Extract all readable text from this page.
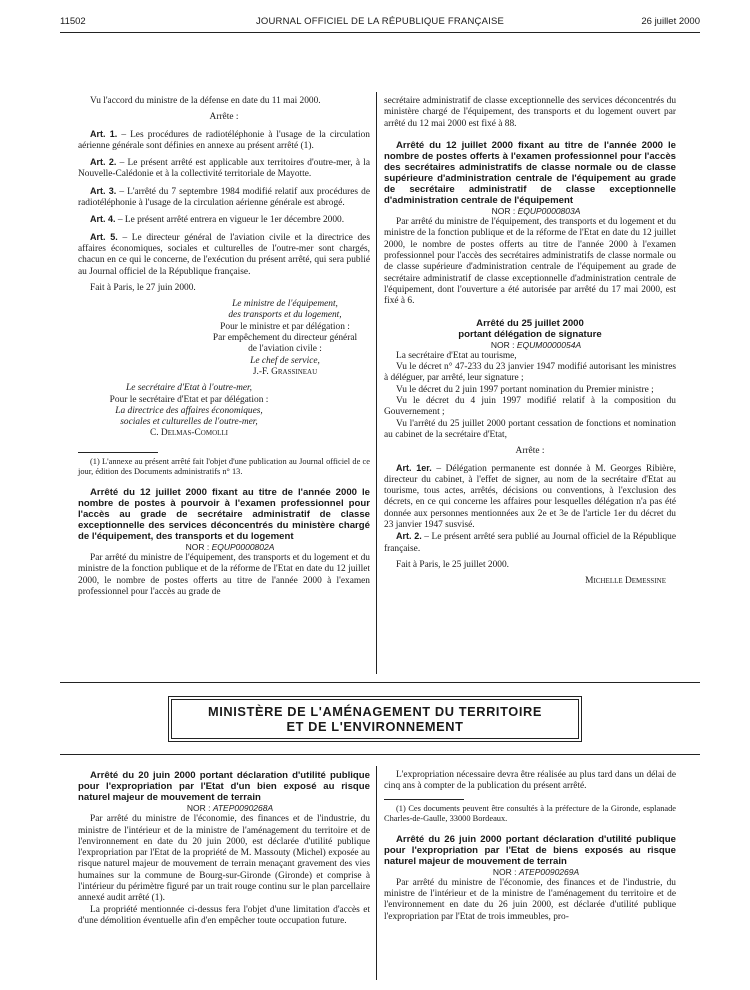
11502	JOURNAL OFFICIEL DE LA RÉPUBLIQUE FRANÇAISE	26 juillet 2000

Vu l'accord du ministre de la défense en date du 11 mai 2000.

Arrête :

Art. 1. – Les procédures de radiotéléphonie à l'usage de la circulation aérienne générale sont définies en annexe au présent arrêté (1).

Art. 2. – Le présent arrêté est applicable aux territoires d'outre-mer, à la Nouvelle-Calédonie et à la collectivité territoriale de Mayotte.

Art. 3. – L'arrêté du 7 septembre 1984 modifié relatif aux procédures de radiotéléphonie à l'usage de la circulation aérienne générale est abrogé.

Art. 4. – Le présent arrêté entrera en vigueur le 1er décembre 2000.

Art. 5. – Le directeur général de l'aviation civile et la directrice des affaires économiques, sociales et culturelles de l'outre-mer sont chargés, chacun en ce qui le concerne, de l'exécution du présent arrêté, qui sera publié au Journal officiel de la République française.

Fait à Paris, le 27 juin 2000.

Le ministre de l'équipement,

des transports et du logement,

Pour le ministre et par délégation :

Par empêchement du directeur général

de l'aviation civile :

Le chef de service,

J.-F. Grassineau

Le secrétaire d'Etat à l'outre-mer,

Pour le secrétaire d'Etat et par délégation :

La directrice des affaires économiques,

sociales et culturelles de l'outre-mer,

C. Delmas-Comolli

(1) L'annexe au présent arrêté fait l'objet d'une publication au Journal officiel de ce jour, édition des Documents administratifs n° 13.

Arrêté du 12 juillet 2000 fixant au titre de l'année 2000 le nombre de postes à pourvoir à l'examen professionnel pour l'accès au grade de secrétaire administratif de classe exceptionnelle des services déconcentrés du ministère chargé de l'équipement, des transports et du logement

NOR : EQUP0000802A

Par arrêté du ministre de l'équipement, des transports et du logement et du ministre de la fonction publique et de la réforme de l'Etat en date du 12 juillet 2000, le nombre de postes offerts au titre de l'année 2000 à l'examen professionnel pour l'accès au grade de

secrétaire administratif de classe exceptionnelle des services déconcentrés du ministère chargé de l'équipement, des transports et du logement ouvert par arrêté du 12 mai 2000 est fixé à 88.

Arrêté du 12 juillet 2000 fixant au titre de l'année 2000 le nombre de postes offerts à l'examen professionnel pour l'accès des secrétaires administratifs de classe normale ou de classe supérieure d'administration centrale de l'équipement au grade de secrétaire administratif de classe exceptionnelle d'administration centrale de l'équipement

NOR : EQUP0000803A

Par arrêté du ministre de l'équipement, des transports et du logement et du ministre de la fonction publique et de la réforme de l'Etat en date du 12 juillet 2000, le nombre de postes offerts au titre de l'année 2000 à l'examen professionnel pour l'accès des secrétaires administratifs de classe normale ou de classe supérieure d'administration centrale de l'équipement au grade de secrétaire administratif de classe exceptionnelle d'administration centrale de l'équipement, dont l'ouverture a été autorisée par arrêté du 17 mai 2000, est fixé à 6.

Arrêté du 25 juillet 2000

portant délégation de signature

NOR : EQUM0000054A

La secrétaire d'Etat au tourisme,

Vu le décret n° 47-233 du 23 janvier 1947 modifié autorisant les ministres à déléguer, par arrêté, leur signature ;

Vu le décret du 2 juin 1997 portant nomination du Premier ministre ;

Vu le décret du 4 juin 1997 modifié relatif à la composition du Gouvernement ;

Vu l'arrêté du 25 juillet 2000 portant cessation de fonctions et nomination au cabinet de la secrétaire d'Etat,

Arrête :

Art. 1er. – Délégation permanente est donnée à M. Georges Ribière, directeur du cabinet, à l'effet de signer, au nom de la secrétaire d'Etat au tourisme, tous actes, arrêtés, décisions ou conventions, à l'exclusion des décrets, en ce qui concerne les affaires pour lesquelles délégation n'a pas été donnée aux personnes mentionnées aux 2e et 3e de l'article 1er du décret du 23 janvier 1947 susvisé.

Art. 2. – Le présent arrêté sera publié au Journal officiel de la République française.

Fait à Paris, le 25 juillet 2000.

Michelle Demessine

MINISTÈRE DE L'AMÉNAGEMENT DU TERRITOIRE
ET DE L'ENVIRONNEMENT

Arrêté du 20 juin 2000 portant déclaration d'utilité publique pour l'expropriation par l'Etat d'un bien exposé au risque naturel majeur de mouvement de terrain

NOR : ATEP0090268A

Par arrêté du ministre de l'économie, des finances et de l'industrie, du ministre de l'intérieur et de la ministre de l'aménagement du territoire et de l'environnement en date du 20 juin 2000, est déclarée d'utilité publique l'expropriation par l'Etat de la propriété de M. Massouty (Michel) exposée au risque naturel majeur de mouvement de terrain menaçant gravement des vies humaines sur la commune de Bourg-sur-Gironde (Gironde) et comprise à l'intérieur du périmètre figuré par un trait rouge continu sur le plan parcellaire annexé audit arrêté (1).

La propriété mentionnée ci-dessus fera l'objet d'une limitation d'accès et d'une démolition éventuelle afin d'en empêcher toute occupation future.

L'expropriation nécessaire devra être réalisée au plus tard dans un délai de cinq ans à compter de la publication du présent arrêté.

(1) Ces documents peuvent être consultés à la préfecture de la Gironde, esplanade Charles-de-Gaulle, 33000 Bordeaux.

Arrêté du 26 juin 2000 portant déclaration d'utilité publique pour l'expropriation par l'Etat de biens exposés au risque naturel majeur de mouvement de terrain

NOR : ATEP0090269A

Par arrêté du ministre de l'économie, des finances et de l'industrie, du ministre de l'intérieur et de la ministre de l'aménagement du territoire et de l'environnement en date du 26 juin 2000, est déclarée d'utilité publique l'expropriation par l'Etat de trois immeubles, pro-
